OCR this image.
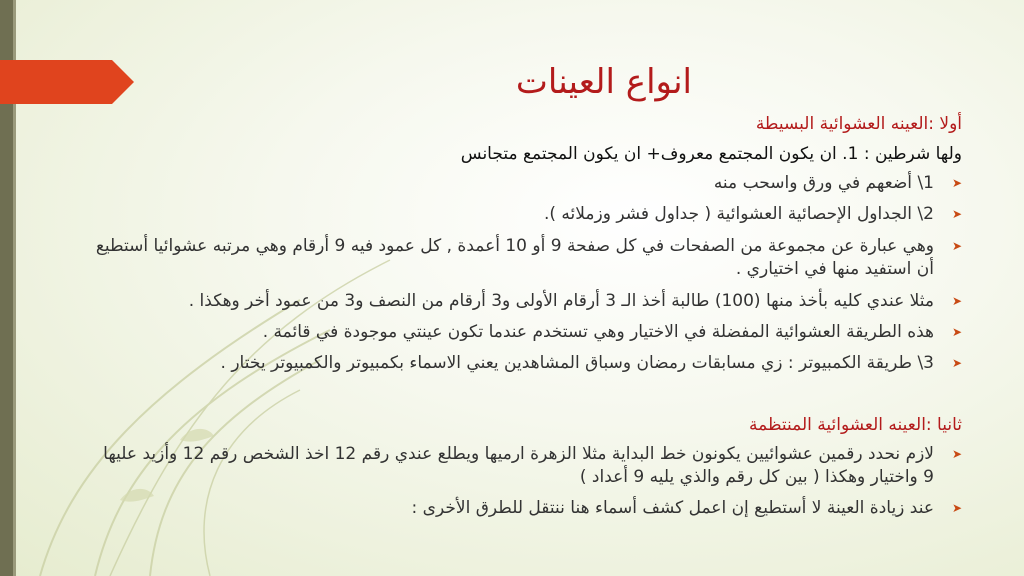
انواع العينات

أولا :العينه العشوائية البسيطة

ولها شرطين : 1. ان يكون المجتمع معروف+ ان يكون المجتمع متجانس

➤
1\ أضعهم في ورق واسحب منه
➤
2\ الجداول الإحصائية العشوائية ( جداول فشر وزملائه ).
➤
وهي عبارة عن مجموعة من الصفحات في كل صفحة 9 أو 10 أعمدة , كل عمود فيه 9 أرقام وهي مرتبه عشوائيا أستطيع أن استفيد منها في اختياري .
➤
مثلا عندي كليه بأخذ منها (100) طالبة أخذ الـ 3 أرقام الأولى و3 أرقام من النصف و3 من عمود أخر وهكذا .
➤
هذه الطريقة العشوائية المفضلة في الاختيار وهي تستخدم عندما تكون عينتي موجودة في قائمة .
➤
3\ طريقة الكمبيوتر : زي مسابقات رمضان وسباق المشاهدين يعني الاسماء بكمبيوتر والكمبيوتر يختار .

ثانيا :العينه العشوائية المنتظمة

➤
لازم نحدد رقمين عشوائيين يكونون خط البداية مثلا الزهرة ارميها ويطلع عندي رقم 12 اخذ الشخص رقم 12 وأزيد عليها 9 واختيار وهكذا ( بين كل رقم والذي يليه 9 أعداد )
➤
عند زيادة العينة لا أستطيع إن اعمل كشف أسماء هنا ننتقل للطرق الأخرى :
